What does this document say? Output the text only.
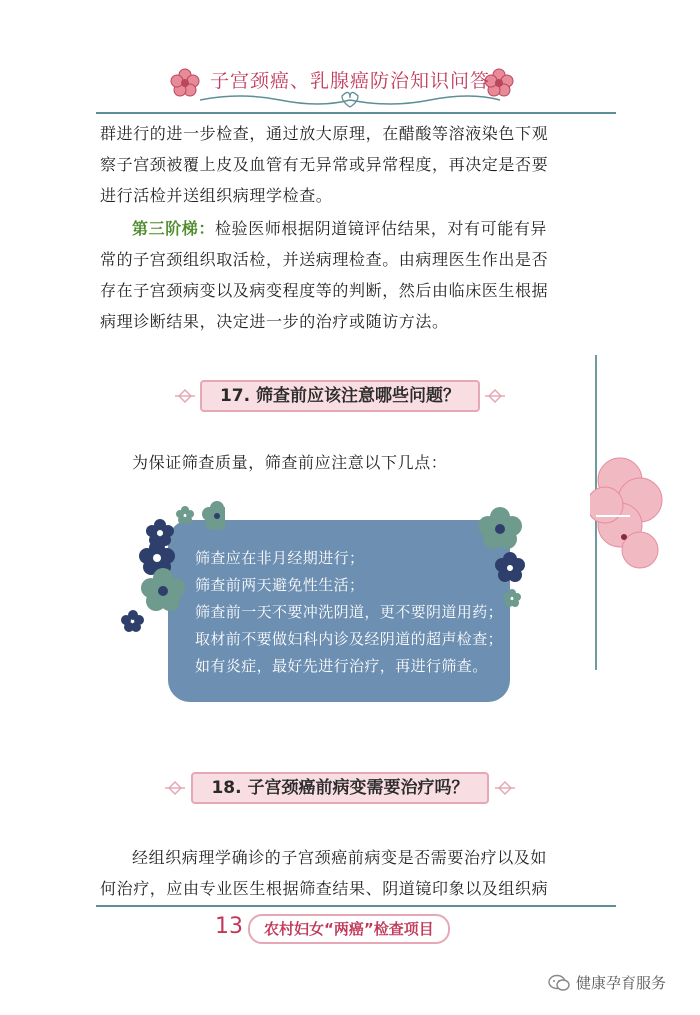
子宫颈癌、乳腺癌防治知识问答
群进行的进一步检查，通过放大原理，在醋酸等溶液染色下观
察子宫颈被覆上皮及血管有无异常或异常程度，再决定是否要
进行活检并送组织病理学检查。
第三阶梯：检验医师根据阴道镜评估结果，对有可能有异
常的子宫颈组织取活检，并送病理检查。由病理医生作出是否
存在子宫颈病变以及病变程度等的判断，然后由临床医生根据
病理诊断结果，决定进一步的治疗或随访方法。
17. 筛查前应该注意哪些问题？
为保证筛查质量，筛查前应注意以下几点：
筛查应在非月经期进行；
筛查前两天避免性生活；
筛查前一天不要冲洗阴道，更不要阴道用药；
取材前不要做妇科内诊及经阴道的超声检查；
如有炎症，最好先进行治疗，再进行筛查。
18. 子宫颈癌前病变需要治疗吗？
经组织病理学确诊的子宫颈癌前病变是否需要治疗以及如
何治疗，应由专业医生根据筛查结果、阴道镜印象以及组织病
13	农村妇女“两癌”检查项目
健康孕育服务
